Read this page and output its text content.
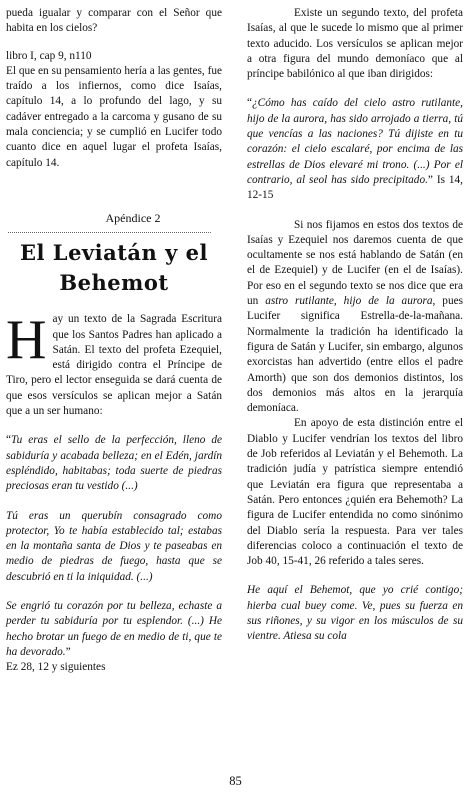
pueda igualar y comparar con el Señor que habita en los cielos?

libro I, cap 9, n110

El que en su pensamiento hería a las gentes, fue traído a los infiernos, como dice Isaías, capítulo 14, a lo profundo del lago, y su cadáver entregado a la carcoma y gusano de su mala conciencia; y se cumplió en Lucifer todo cuanto dice en aquel lugar el profeta Isaías, capítulo 14.

Apéndice 2
El Leviatán y el Behemot

Hay un texto de la Sagrada Escritura que los Santos Padres han aplicado a Satán. El texto del profeta Ezequiel, está dirigido contra el Príncipe de Tiro, pero el lector enseguida se dará cuenta de que esos versículos se aplican mejor a Satán que a un ser humano:

“Tu eras el sello de la perfección, lleno de sabiduría y acabada belleza; en el Edén, jardín espléndido, habitabas; toda suerte de piedras preciosas eran tu vestido (...)

Tú eras un querubín consagrado como protector, Yo te había establecido tal; estabas en la montaña santa de Dios y te paseabas en medio de piedras de fuego, hasta que se descubrió en ti la iniquidad. (...)

Se engrió tu corazón por tu belleza, echaste a perder tu sabiduría por tu esplendor. (...) He hecho brotar un fuego de en medio de ti, que te ha devorado.”

Ez 28, 12 y siguientes

Existe un segundo texto, del profeta Isaías, al que le sucede lo mismo que al primer texto aducido. Los versículos se aplican mejor a otra figura del mundo demoníaco que al príncipe babilónico al que iban dirigidos:

“¿Cómo has caído del cielo astro rutilante, hijo de la aurora, has sido arrojado a tierra, tú que vencías a las naciones? Tú dijiste en tu corazón: el cielo escalaré, por encima de las estrellas de Dios elevaré mi trono. (...) Por el contrario, al seol has sido precipitado.” Is 14, 12-15

Si nos fijamos en estos dos textos de Isaías y Ezequiel nos daremos cuenta de que ocultamente se nos está hablando de Satán (en el de Ezequiel) y de Lucifer (en el de Isaías). Por eso en el segundo texto se nos dice que era un astro rutilante, hijo de la aurora, pues Lucifer significa Estrella-de-la-mañana. Normalmente la tradición ha identificado la figura de Satán y Lucifer, sin embargo, algunos exorcistas han advertido (entre ellos el padre Amorth) que son dos demonios distintos, los dos demonios más altos en la jerarquía demoníaca.

En apoyo de esta distinción entre el Diablo y Lucifer vendrían los textos del libro de Job referidos al Leviatán y el Behemoth. La tradición judía y patrística siempre entendió que Leviatán era figura que representaba a Satán. Pero entonces ¿quién era Behemoth? La figura de Lucifer entendida no como sinónimo del Diablo sería la respuesta. Para ver tales diferencias coloco a continuación el texto de Job 40, 15-41, 26 referido a tales seres.

He aquí el Behemot, que yo crié contigo; hierba cual buey come. Ve, pues su fuerza en sus riñones, y su vigor en los músculos de su vientre. Atiesa su cola

85
